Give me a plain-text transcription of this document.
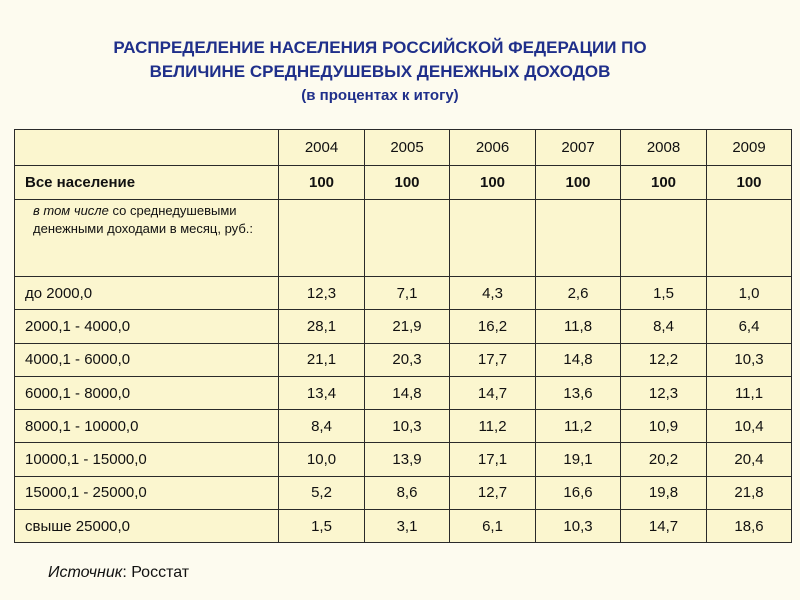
РАСПРЕДЕЛЕНИЕ НАСЕЛЕНИЯ РОССИЙСКОЙ ФЕДЕРАЦИИ ПО
ВЕЛИЧИНЕ СРЕДНЕДУШЕВЫХ ДЕНЕЖНЫХ ДОХОДОВ
(в процентах к итогу)
	2004	2005	2006	2007	2008	2009
Все население	100	100	100	100	100	100
в том числе со среднедушевыми денежными доходами в месяц, руб.:						
до 2000,0	12,3	7,1	4,3	2,6	1,5	1,0
2000,1 - 4000,0	28,1	21,9	16,2	11,8	8,4	6,4
4000,1 - 6000,0	21,1	20,3	17,7	14,8	12,2	10,3
6000,1 - 8000,0	13,4	14,8	14,7	13,6	12,3	11,1
8000,1 - 10000,0	8,4	10,3	11,2	11,2	10,9	10,4
10000,1 - 15000,0	10,0	13,9	17,1	19,1	20,2	20,4
15000,1 - 25000,0	5,2	8,6	12,7	16,6	19,8	21,8
свыше 25000,0	1,5	3,1	6,1	10,3	14,7	18,6
Источник: Росстат
